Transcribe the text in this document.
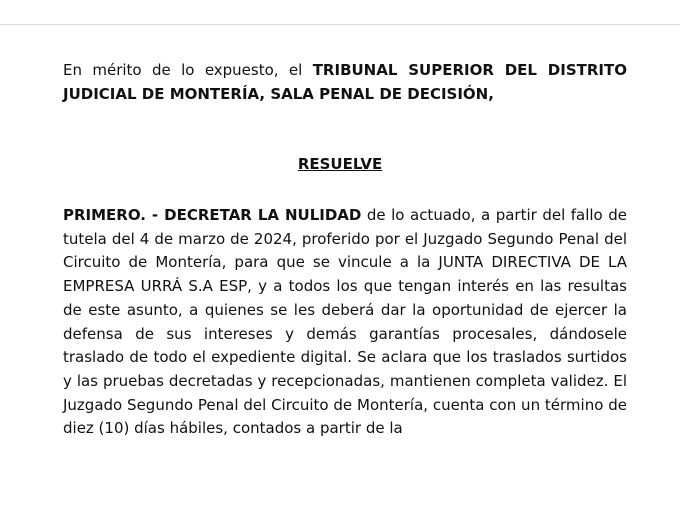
En mérito de lo expuesto, el TRIBUNAL SUPERIOR DEL DISTRITO JUDICIAL DE MONTERÍA, SALA PENAL DE DECISIÓN,
RESUELVE
PRIMERO. - DECRETAR LA NULIDAD de lo actuado, a partir del fallo de tutela del 4 de marzo de 2024, proferido por el Juzgado Segundo Penal del Circuito de Montería, para que se vincule a la JUNTA DIRECTIVA DE LA EMPRESA URRÁ S.A ESP, y a todos los que tengan interés en las resultas de este asunto, a quienes se les deberá dar la oportunidad de ejercer la defensa de sus intereses y demás garantías procesales, dándosele traslado de todo el expediente digital. Se aclara que los traslados surtidos y las pruebas decretadas y recepcionadas, mantienen completa validez. El Juzgado Segundo Penal del Circuito de Montería, cuenta con un término de diez (10) días hábiles, contados a partir de la
